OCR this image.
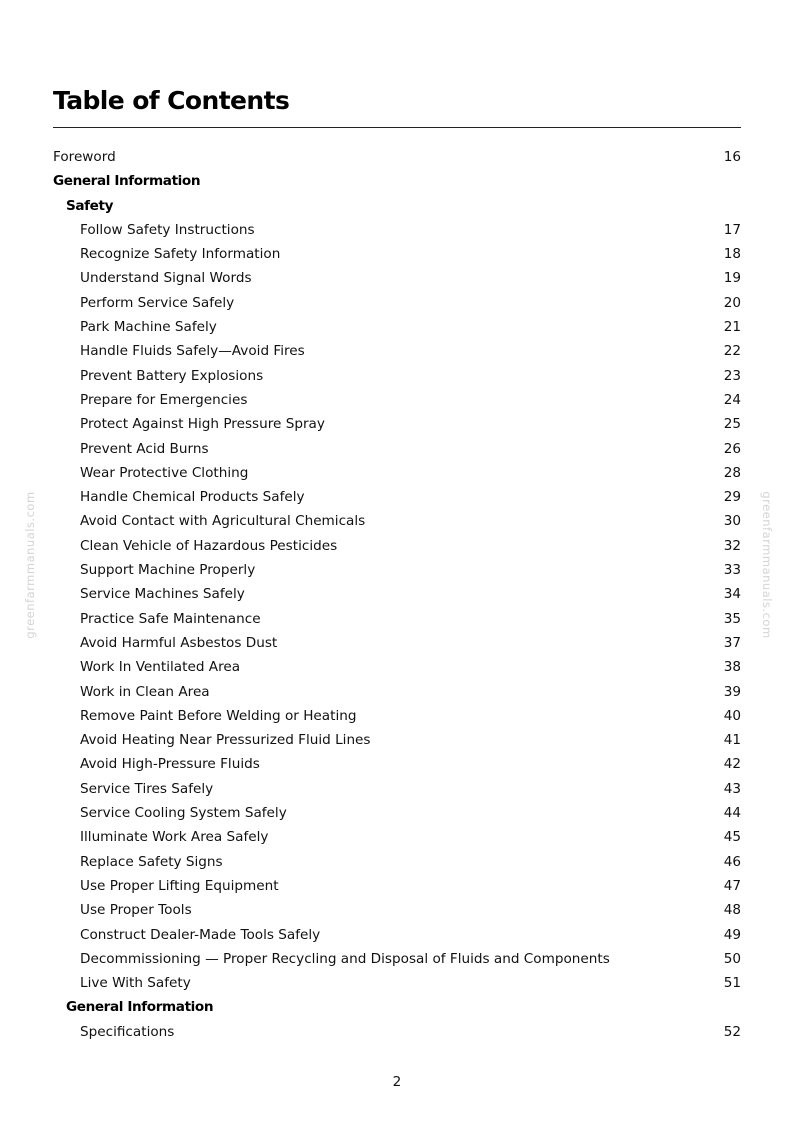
greenfarmmanuals.com	greenfarmmanuals.com
Table of Contents
Foreword	16
General Information
Safety
Follow Safety Instructions	17
Recognize Safety Information	18
Understand Signal Words	19
Perform Service Safely	20
Park Machine Safely	21
Handle Fluids Safely—Avoid Fires	22
Prevent Battery Explosions	23
Prepare for Emergencies	24
Protect Against High Pressure Spray	25
Prevent Acid Burns	26
Wear Protective Clothing	28
Handle Chemical Products Safely	29
Avoid Contact with Agricultural Chemicals	30
Clean Vehicle of Hazardous Pesticides	32
Support Machine Properly	33
Service Machines Safely	34
Practice Safe Maintenance	35
Avoid Harmful Asbestos Dust	37
Work In Ventilated Area	38
Work in Clean Area	39
Remove Paint Before Welding or Heating	40
Avoid Heating Near Pressurized Fluid Lines	41
Avoid High-Pressure Fluids	42
Service Tires Safely	43
Service Cooling System Safely	44
Illuminate Work Area Safely	45
Replace Safety Signs	46
Use Proper Lifting Equipment	47
Use Proper Tools	48
Construct Dealer-Made Tools Safely	49
Decommissioning — Proper Recycling and Disposal of Fluids and Components	50
Live With Safety	51
General Information
Specifications	52
2
